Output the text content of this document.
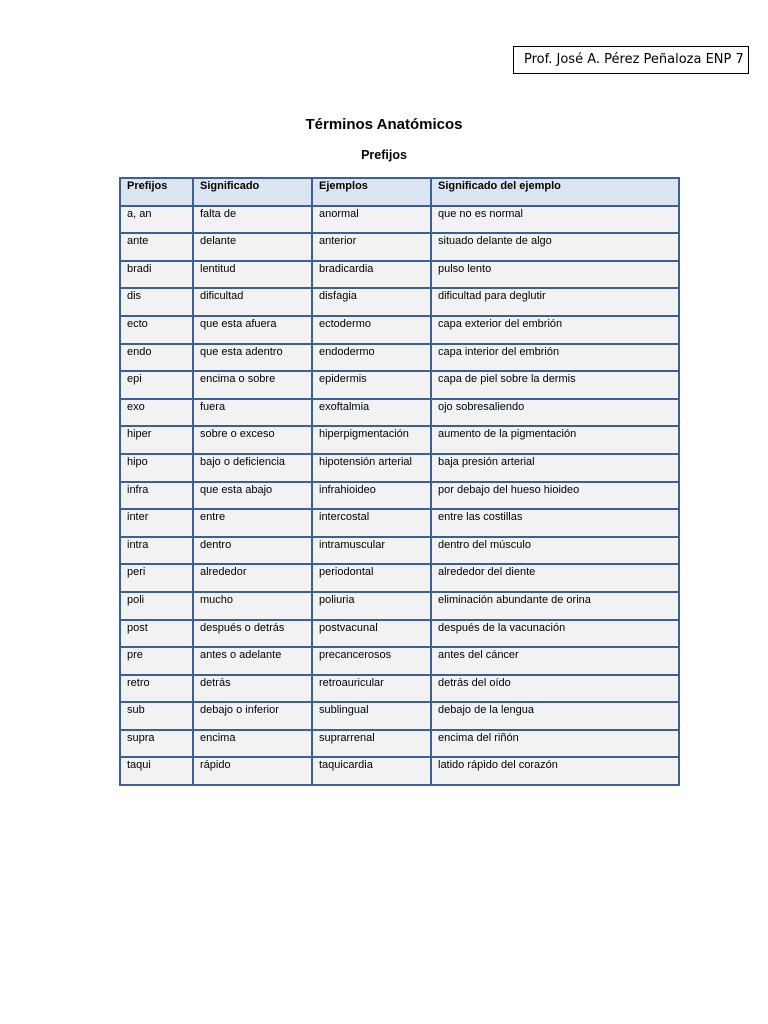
Prof. José A. Pérez Peñaloza ENP 7
Términos Anatómicos
Prefijos
Prefijos	Significado	Ejemplos	Significado del ejemplo
a, an	falta de	anormal	que no es normal
ante	delante	anterior	situado delante de algo
bradi	lentitud	bradicardia	pulso lento
dis	dificultad	disfagia	dificultad para deglutir
ecto	que esta afuera	ectodermo	capa exterior del embrión
endo	que esta adentro	endodermo	capa interior del embrión
epi	encima o sobre	epidermis	capa de piel sobre la dermis
exo	fuera	exoftalmia	ojo sobresaliendo
hiper	sobre o exceso	hiperpigmentación	aumento de la pigmentación
hipo	bajo o deficiencia	hipotensión arterial	baja presión arterial
infra	que esta abajo	infrahioideo	por debajo del hueso hioideo
inter	entre	intercostal	entre las costillas
intra	dentro	intramuscular	dentro del músculo
peri	alrededor	periodontal	alrededor del diente
poli	mucho	poliuria	eliminación abundante de orina
post	después o detrás	postvacunal	después de la vacunación
pre	antes o adelante	precancerosos	antes del cáncer
retro	detrás	retroauricular	detrás del oído
sub	debajo o inferior	sublingual	debajo de la lengua
supra	encima	suprarrenal	encima del riñón
taqui	rápido	taquicardia	latido rápido del corazón
